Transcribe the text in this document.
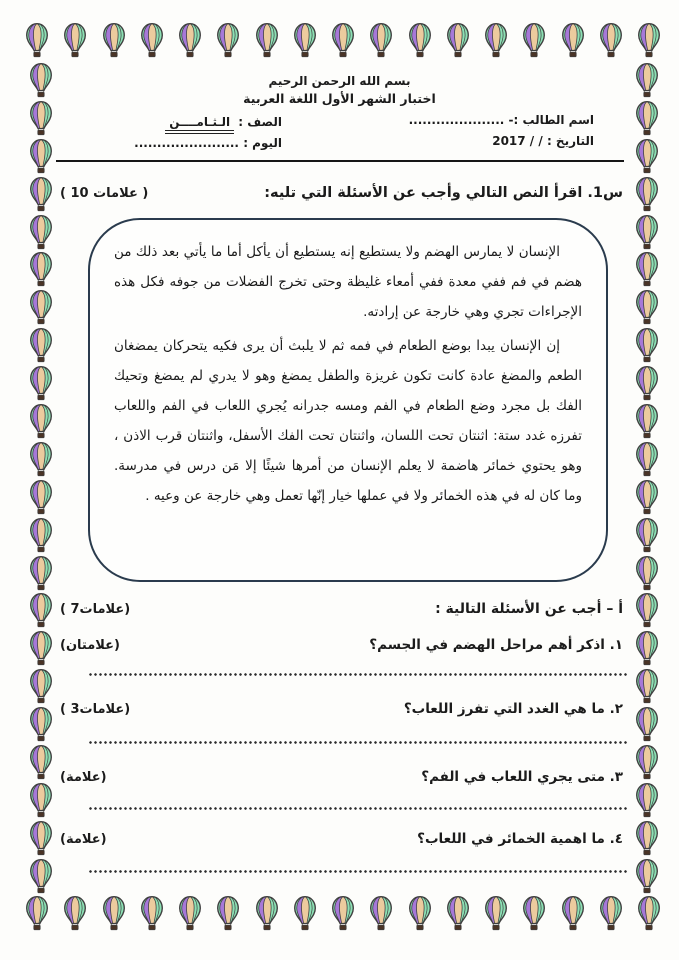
بسم الله الرحمن الرحيم
اختبار الشهر الأول اللغة العربية
اسم الطالب :- .....................
التاريخ : / / 2017
الصف : الـثـامــــن
اليوم : .......................
س1. اقرأ النص التالي وأجب عن الأسئلة التي تليه:
( 10 علامات )

الإنسان لا يمارس الهضم ولا يستطيع إنه يستطيع أن يأكل أما ما يأتي بعد ذلك من هضم في فم ففي معدة ففي أمعاء غليظة وحتى تخرج الفضلات من جوفه فكل هذه الإجراءات تجري وهي خارجة عن إرادته.

إن الإنسان يبدا بوضع الطعام في فمه ثم لا يلبث أن يرى فكيه يتحركان يمضغان الطعم والمضغ عادة كانت تكون غريزة والطفل يمضغ وهو لا يدري لم يمضغ وتحيك الفك بل مجرد وضع الطعام في الفم ومسه جدرانه يُجري اللعاب في الفم واللعاب تفرزه غدد ستة: اثنتان تحت اللسان، واثنتان تحت الفك الأسفل، واثنتان قرب الاذن ، وهو يحتوي خمائر هاضمة لا يعلم الإنسان من أمرها شيئًا إلا مَن درس في مدرسة. وما كان له في هذه الخمائر ولا في عملها خيار إنّها تعمل وهي خارجة عن وعيه .

أ – أجب عن الأسئلة التالية :
( 7علامات)
١. اذكر أهم مراحل الهضم في الجسم؟
(علامتان)
٢. ما هي الغدد التي تفرز اللعاب؟
( 3علامات)
٣. متى يجري اللعاب في الفم؟
(علامة)
٤. ما اهمية الخمائر في اللعاب؟
(علامة)
